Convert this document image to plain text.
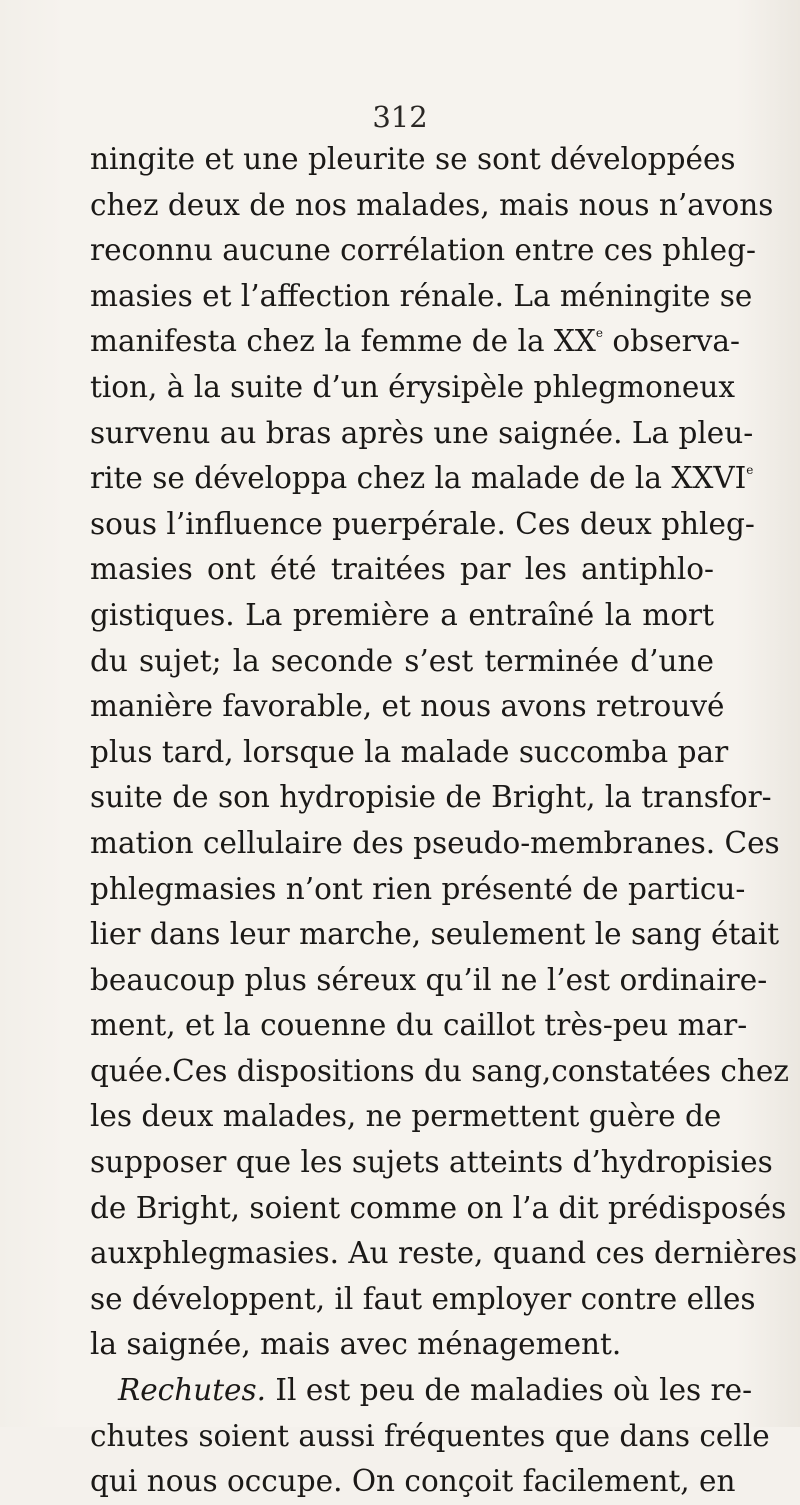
312
ningite et une pleurite se sont développées
chez deux de nos malades, mais nous n’avons
reconnu aucune corrélation entre ces phleg-
masies et l’affection rénale. La méningite se
manifesta chez la femme de la XXe observa-
tion, à la suite d’un érysipèle phlegmoneux
survenu au bras après une saignée. La pleu-
rite se développa chez la malade de la XXVIe
sous l’influence puerpérale. Ces deux phleg-
masies ont été traitées par les antiphlo-
gistiques. La première a entraîné la mort
du sujet; la seconde s’est terminée d’une
manière favorable, et nous avons retrouvé
plus tard, lorsque la malade succomba par
suite de son hydropisie de Bright, la transfor-
mation cellulaire des pseudo-membranes. Ces
phlegmasies n’ont rien présenté de particu-
lier dans leur marche, seulement le sang était
beaucoup plus séreux qu’il ne l’est ordinaire-
ment, et la couenne du caillot très-peu mar-
quée.Ces dispositions du sang,constatées chez
les deux malades, ne permettent guère de
supposer que les sujets atteints d’hydropisies
de Bright, soient comme on l’a dit prédisposés
auxphlegmasies. Au reste, quand ces dernières
se développent, il faut employer contre elles
la saignée, mais avec ménagement.
Rechutes. Il est peu de maladies où les re-
chutes soient aussi fréquentes que dans celle
qui nous occupe. On conçoit facilement, en
